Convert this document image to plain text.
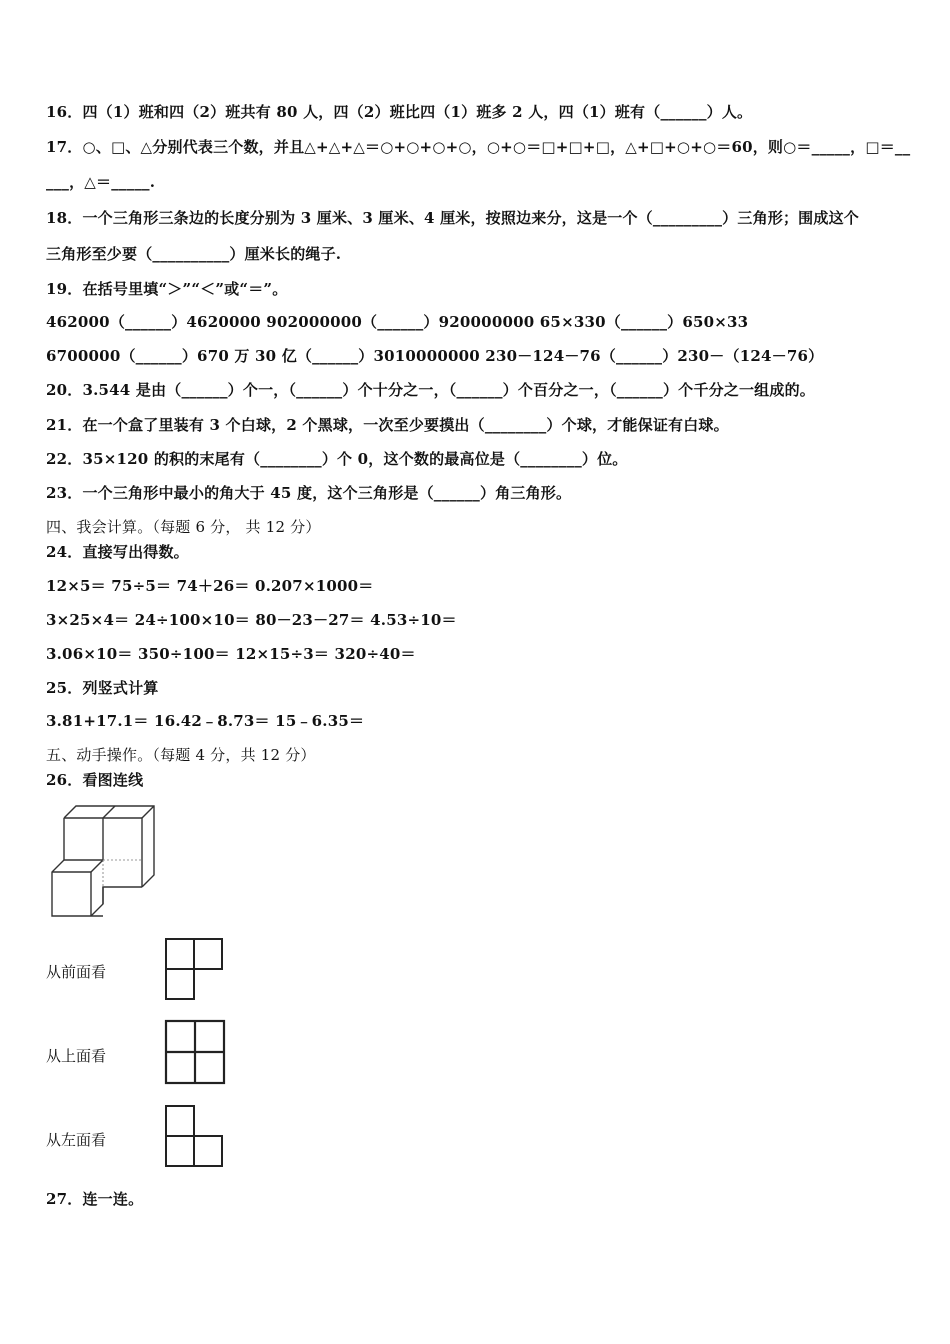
16．四（1）班和四（2）班共有 80 人，四（2）班比四（1）班多 2 人，四（1）班有（______）人。
17．○、□、△分别代表三个数，并且△+△+△＝○+○+○+○，○+○＝□+□+□，△+□+○+○＝60，则○＝_____，□＝__
___，△＝_____.
18．一个三角形三条边的长度分别为 3 厘米、3 厘米、4 厘米，按照边来分，这是一个（_________）三角形；围成这个
三角形至少要（__________）厘米长的绳子.
19．在括号里填“＞”“＜”或“＝”。
462000（______）4620000 902000000（______）920000000 65×330（______）650×33
6700000（______）670 万 30 亿（______）3010000000 230－124－76（______）230－（124－76）
20．3.544 是由（______）个一，（______）个十分之一，（______）个百分之一，（______）个千分之一组成的。
21．在一个盒了里装有 3 个白球，2 个黑球，一次至少要摸出（________）个球，才能保证有白球。
22．35×120 的积的末尾有（________）个 0，这个数的最高位是（________）位。
23．一个三角形中最小的角大于 45 度，这个三角形是（______）角三角形。
四、我会计算。（每题 6 分， 共 12 分）
24．直接写出得数。
12×5＝ 75÷5＝ 74＋26＝ 0.207×1000＝
3×25×4＝ 24÷100×10＝ 80－23－27＝ 4.53÷10＝
3.06×10＝ 350÷100＝ 12×15÷3＝ 320÷40＝
25．列竖式计算
3.81+17.1＝ 16.42﹣8.73＝ 15﹣6.35＝
五、动手操作。（每题 4 分，共 12 分）
26．看图连线
从前面看
从上面看
从左面看
27．连一连。
